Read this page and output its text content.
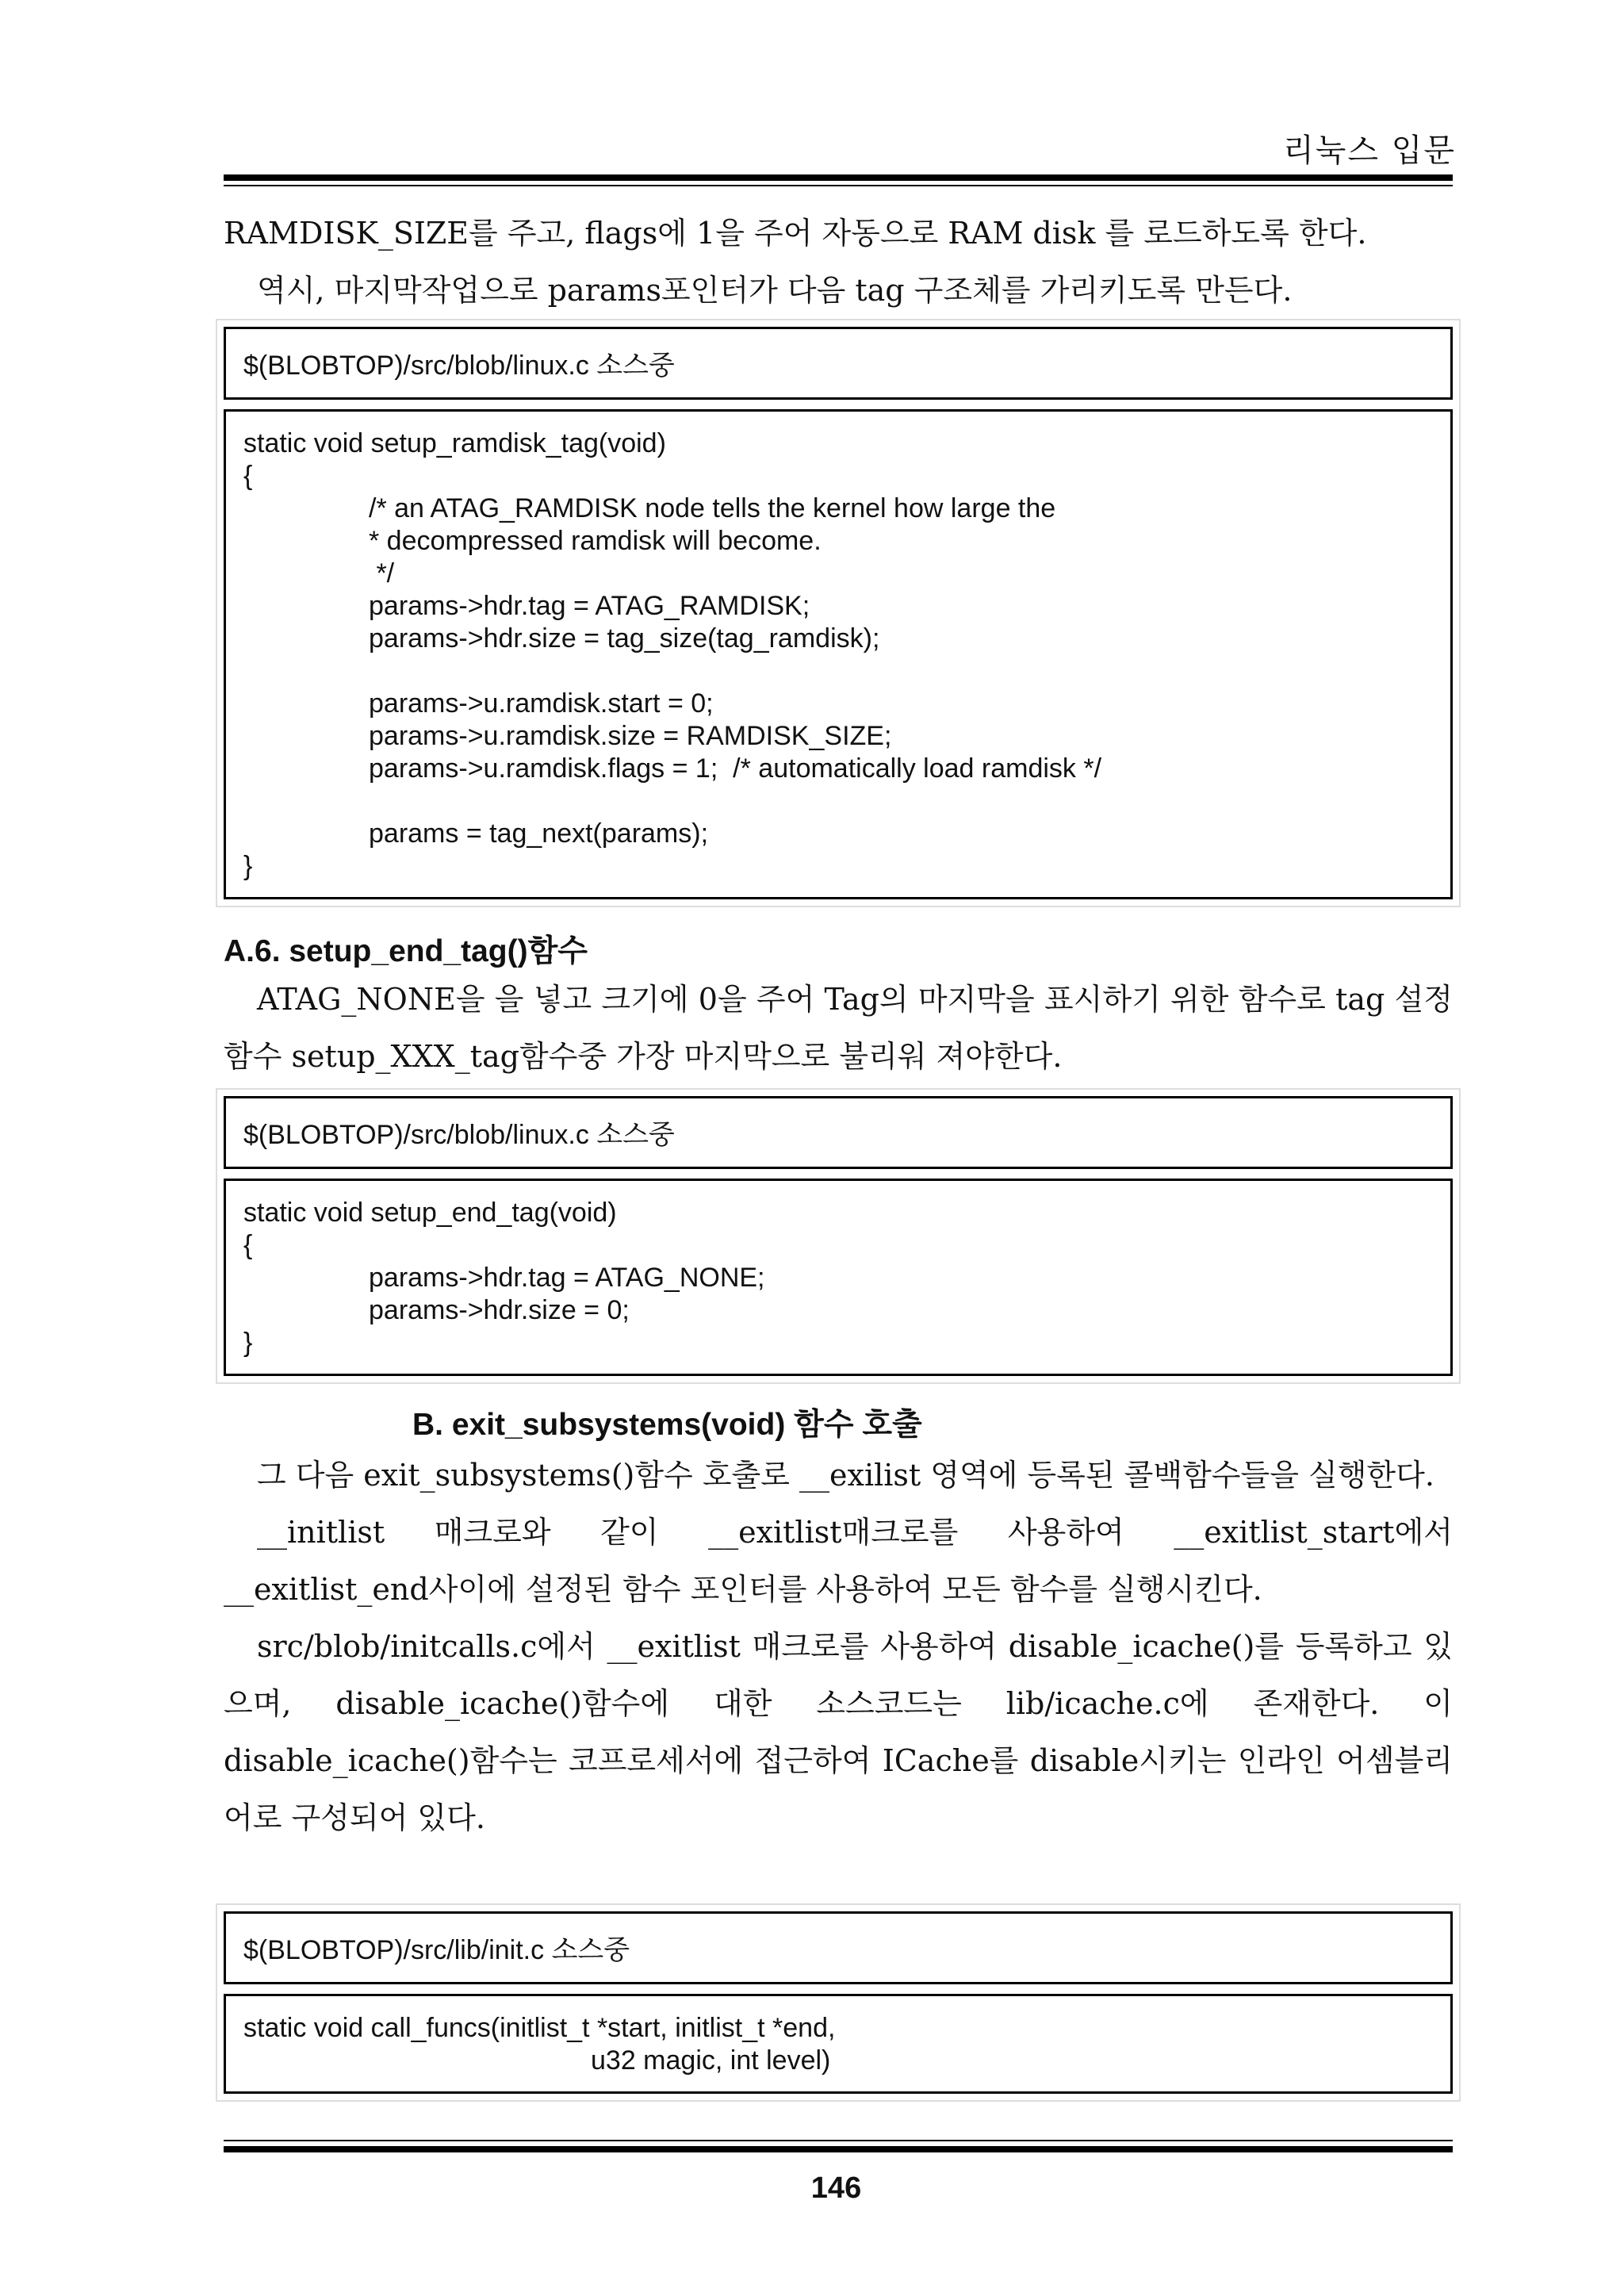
리눅스 입문

RAMDISK_SIZE를 주고, flags에 1을 주어 자동으로 RAM disk 를 로드하도록 한다.

역시, 마지막작업으로 params포인터가 다음 tag 구조체를 가리키도록 만든다.

$(BLOBTOP)/src/blob/linux.c 소스중
static void setup_ramdisk_tag(void)
{
/* an ATAG_RAMDISK node tells the kernel how large the
* decompressed ramdisk will become.
*/
params->hdr.tag = ATAG_RAMDISK;
params->hdr.size = tag_size(tag_ramdisk);
params->u.ramdisk.start = 0;
params->u.ramdisk.size = RAMDISK_SIZE;
params->u.ramdisk.flags = 1;  /* automatically load ramdisk */
params = tag_next(params);
}
A.6. setup_end_tag()함수

ATAG_NONE을 을 넣고 크기에 0을 주어 Tag의 마지막을 표시하기 위한 함수로 tag 설정함수 setup_XXX_tag함수중 가장 마지막으로 불리워 져야한다.

$(BLOBTOP)/src/blob/linux.c 소스중
static void setup_end_tag(void)
{
params->hdr.tag = ATAG_NONE;
params->hdr.size = 0;
}
B. exit_subsystems(void) 함수 호출

그 다음 exit_subsystems()함수 호출로 __exilist 영역에 등록된 콜백함수들을 실행한다.

__initlist 매크로와 같이 __exitlist매크로를 사용하여 __exitlist_start에서 __exitlist_end사이에 설정된 함수 포인터를 사용하여 모든 함수를 실행시킨다.

src/blob/initcalls.c에서 __exitlist 매크로를 사용하여 disable_icache()를 등록하고 있으며, disable_icache()함수에 대한 소스코드는 lib/icache.c에 존재한다. 이 disable_icache()함수는 코프로세서에 접근하여 ICache를 disable시키는 인라인 어셈블리어로 구성되어 있다.

$(BLOBTOP)/src/lib/init.c 소스중
static void call_funcs(initlist_t *start, initlist_t *end,
u32 magic, int level)
146
